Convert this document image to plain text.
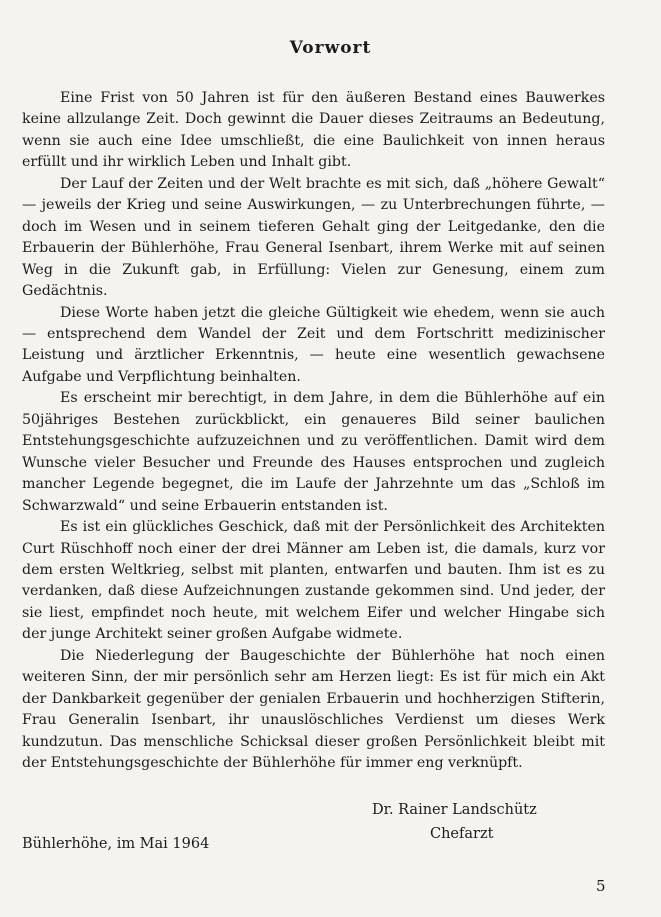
Vorwort

Eine Frist von 50 Jahren ist für den äußeren Bestand eines Bauwerkes keine allzulange Zeit. Doch gewinnt die Dauer dieses Zeitraums an Bedeutung, wenn sie auch eine Idee umschließt, die eine Baulichkeit von innen heraus erfüllt und ihr wirklich Leben und Inhalt gibt.

Der Lauf der Zeiten und der Welt brachte es mit sich, daß „höhere Gewalt“ — jeweils der Krieg und seine Auswirkungen, — zu Unterbrechungen führte, — doch im Wesen und in seinem tieferen Gehalt ging der Leitgedanke, den die Erbauerin der Bühlerhöhe, Frau General Isenbart, ihrem Werke mit auf seinen Weg in die Zukunft gab, in Erfüllung: Vielen zur Genesung, einem zum Gedächtnis.

Diese Worte haben jetzt die gleiche Gültigkeit wie ehedem, wenn sie auch — entsprechend dem Wandel der Zeit und dem Fortschritt medizinischer Leistung und ärztlicher Erkenntnis, — heute eine wesentlich gewachsene Aufgabe und Verpflichtung beinhalten.

Es erscheint mir berechtigt, in dem Jahre, in dem die Bühlerhöhe auf ein 50jähriges Bestehen zurückblickt, ein genaueres Bild seiner baulichen Entstehungsgeschichte aufzuzeichnen und zu veröffentlichen. Damit wird dem Wunsche vieler Besucher und Freunde des Hauses entsprochen und zugleich mancher Legende begegnet, die im Laufe der Jahrzehnte um das „Schloß im Schwarzwald“ und seine Erbauerin entstanden ist.

Es ist ein glückliches Geschick, daß mit der Persönlichkeit des Architekten Curt Rüschhoff noch einer der drei Männer am Leben ist, die damals, kurz vor dem ersten Weltkrieg, selbst mit planten, entwarfen und bauten. Ihm ist es zu verdanken, daß diese Aufzeichnungen zustande gekommen sind. Und jeder, der sie liest, empfindet noch heute, mit welchem Eifer und welcher Hingabe sich der junge Architekt seiner großen Aufgabe widmete.

Die Niederlegung der Baugeschichte der Bühlerhöhe hat noch einen weiteren Sinn, der mir persönlich sehr am Herzen liegt: Es ist für mich ein Akt der Dankbarkeit gegenüber der genialen Erbauerin und hochherzigen Stifterin, Frau Generalin Isenbart, ihr unauslöschliches Verdienst um dieses Werk kundzutun. Das menschliche Schicksal dieser großen Persönlichkeit bleibt mit der Entstehungsgeschichte der Bühlerhöhe für immer eng verknüpft.

Dr. Rainer Landschütz
Chefarzt
Bühlerhöhe, im Mai 1964
5
